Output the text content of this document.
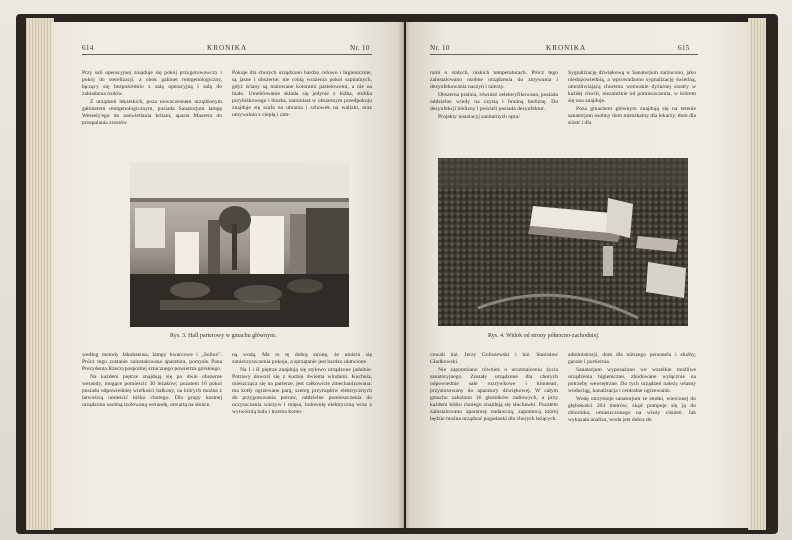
614	KRONIKA	Nr. 10

Przy sali operacyjnej znajduje się pokój przygotowawczy i pokój do sterelizacji, a obok gabinet rentgenologiczny, łączący się bezpośrednio z salą operacyjną i salą do zakładania ozdów.

Z urządzeń lekarskich, poza nowoczesnem urządzonym gabinetem rentgenologicznym, posiada Sanatorjum lampę Wessely'ego do naświetlania kritani, aparat Maurera do przepalania zrostów

Pokoje dla chorych urządzono bardzo celowo i higienicznie, są jasne i obszerne; nie robią wrażenia pokoi szpitalnych, gdyż ściany są malowane kolorami pastelowemi, a nie na biało. Umeblowanie składa się jedynie z łóżka, stolika przyłóżkowego i biurka, natomiast w obszernym przedpokoju znajduje się szafa na ubrania i schowek na walizki, oraz umywalnia z ciepłą i zim-

Rys. 3. Hall parterowy w gmachu głównym.

według metody Jakobaeusa, lampy kwarcowe i „Sollux". Prócz tego zostanie zainstalowana aparatura, pomysłu Pana Prezydenta Rzeczypospolitej sztucznego powietrza górskiego.

Na każdem piętrze znajdują się po dwie obszerne werandy, mogące pomieścić 30 leżaków; pozatem 16 pokoi posiada odpowiedniej wielkości balkony, na których można z łatwością umieścić łóżko chorego. Dla grupy kostnej urządzono osobną izolowaną werandę, otwartą na słońce.

ną wodą. Ma to tę dobrą stronę, że umiera się zanieczyszczenia pokoju, a sprzątanie jest bardzo ułatwione.

Na I i II piętrze znajdują się stylowo urządzone jadalnie. Potrawy dowozi się z kuchni dwiema windami. Kuchnia, mieszcząca się na parterze, jest całkowicie zmechanizowana: ma kotły ogrzewane parą, szereg przyrządów elektrycznych do przygotowania potraw, oddzielne pomieszczenia do oczyszczania warzyw i mięsa, lodownię elektryczną wraz z wytwórnią lodu i trzema komo-

Nr. 10	KRONIKA	615

rami o stałych, niskich temperaturach. Prócz tego zainstalowano osobne urządzenia do zmywania i dezynfekowania naczyń i talerzy.

Obszerna pralnia, również zelektryfikowana, posiada oddzielne windy na czystą i brudną bieliznę. Do dezynfekcji bielizny i pościeli posiada dezynfektor.

Projekty instalacyj sanitarnych opra-

Sygnalizację dźwiękową w Sanatorjum zarzucono, jako niedopowiednią, a wprowadzono sygnalizację świetlną, umożliwiającą choremu wezwanie dyżurnej siostry w każdej chwili, niezależnie od pomieszczenia, w którem się ona znajduje.

Poza gmachem głównym znajdują się na terenie sanatorjum osobny dom mieszkalny dla lekarzy, dom dla sióstr i dla

Rys. 4. Widok od strony północno-zachodniej.

cowali inż. Jerzy Goliszewski i inż. Stanisław Gładkowski.

Nie zapomniano również o urozmaiceniu życia sanatoryjnego. Zostały urządzone dla chorych odpowiednie sale rozrywkowe i kinoteatr, przystosowany do aparatury dźwiękowej. W całym gmachu założono 16 głośników radiowych, a przy każdem łóżku chorego znajdują się słuchawki. Pozatem zainstalowano aparaturę nadawczą, zapomocą której będzie można urządzać pogadanki dla chorych leżących.

administracji, dom dla niższego personelu i służby, garaże i portiernia.

Sanatorjum wyposażono we wszelkie możliwe urządzenia higieniczne, zbudowane wyłącznie na potrzeby wewnętrzne. Do tych urządzeń należy własny wodociąg, kanalizacja i centralne ogrzewanie.

Wodę otrzymuje sanatorjum ze studni, wierconej do głębokości 264 metrów, skąd pompuje się ją do zbiornika, umieszczonego na wieży ciśnień. Jak wykazała analiza, woda jest dobra do
